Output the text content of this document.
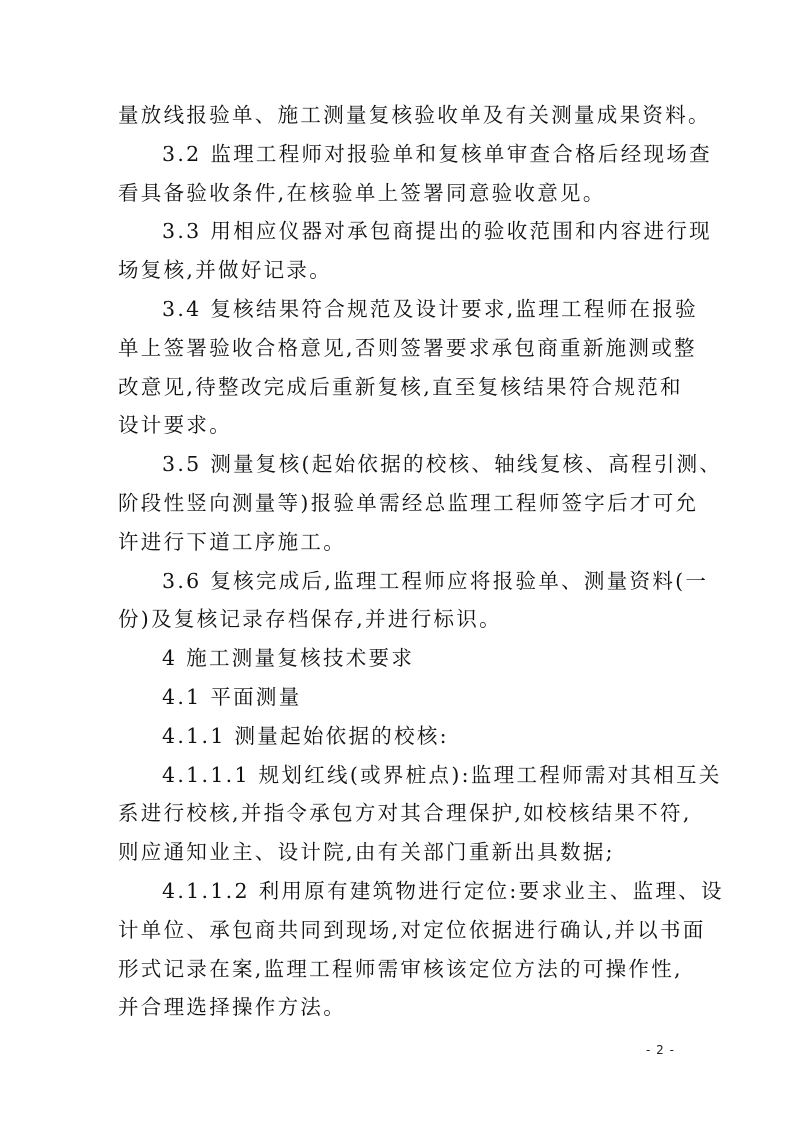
量放线报验单、施工测量复核验收单及有关测量成果资料。
3.2 监理工程师对报验单和复核单审查合格后经现场查
看具备验收条件,在核验单上签署同意验收意见。
3.3 用相应仪器对承包商提出的验收范围和内容进行现
场复核,并做好记录。
3.4 复核结果符合规范及设计要求,监理工程师在报验
单上签署验收合格意见,否则签署要求承包商重新施测或整
改意见,待整改完成后重新复核,直至复核结果符合规范和
设计要求。
3.5 测量复核(起始依据的校核、轴线复核、高程引测、
阶段性竖向测量等)报验单需经总监理工程师签字后才可允
许进行下道工序施工。
3.6 复核完成后,监理工程师应将报验单、测量资料(一
份)及复核记录存档保存,并进行标识。
4 施工测量复核技术要求
4.1 平面测量
4.1.1 测量起始依据的校核:
4.1.1.1 规划红线(或界桩点):监理工程师需对其相互关
系进行校核,并指令承包方对其合理保护,如校核结果不符,
则应通知业主、设计院,由有关部门重新出具数据;
4.1.1.2 利用原有建筑物进行定位:要求业主、监理、设
计单位、承包商共同到现场,对定位依据进行确认,并以书面
形式记录在案,监理工程师需审核该定位方法的可操作性,
并合理选择操作方法。
- 2 -
